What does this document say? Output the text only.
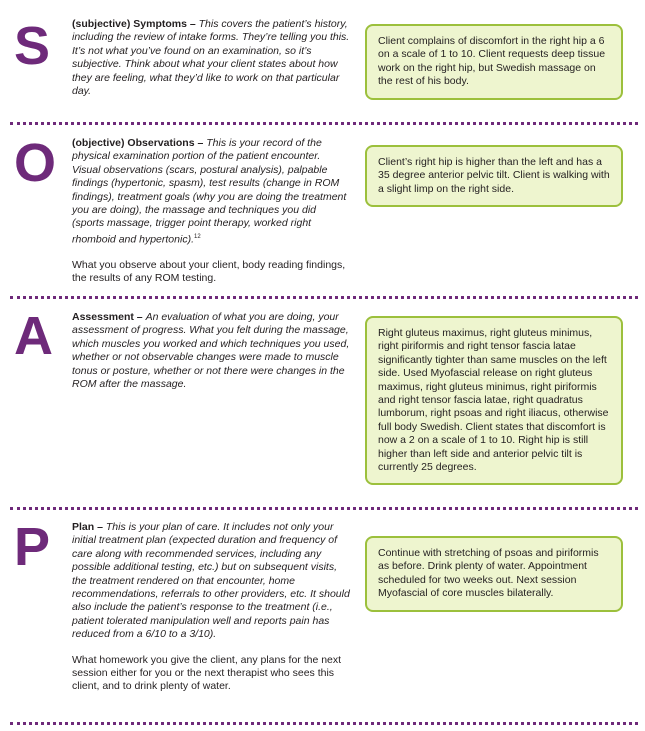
S (subjective) Symptoms – This covers the patient’s history, including the review of intake forms. They’re telling you this. It’s not what you’ve found on an examination, so it’s subjective. Think about what your client states about how they are feeling, what they’d like to work on that particular day.

Client complains of discomfort in the right hip a 6 on a scale of 1 to 10. Client requests deep tissue work on the right hip, but Swedish massage on the rest of his body.
O (objective) Observations – This is your record of the physical examination portion of the patient encounter. Visual observations (scars, postural analysis), palpable findings (hypertonic, spasm), test results (change in ROM findings), treatment goals (why you are doing the treatment you are doing), the massage and techniques you did (sports massage, trigger point therapy, worked right rhomboid and hypertonic).$^{12}$

What you observe about your client, body reading findings, the results of any ROM testing.

Client’s right hip is higher than the left and has a 35 degree anterior pelvic tilt. Client is walking with a slight limp on the right side.
A Assessment – An evaluation of what you are doing, your assessment of progress. What you felt during the massage, which muscles you worked and which techniques you used, whether or not observable changes were made to muscle tonus or posture, whether or not there were changes in the ROM after the massage.

Right gluteus maximus, right gluteus minimus, right piriformis and right tensor fascia latae significantly tighter than same muscles on the left side. Used Myofascial release on right gluteus maximus, right gluteus minimus, right piriformis and right tensor fascia latae, right quadratus lumborum, right psoas and right iliacus, otherwise full body Swedish. Client states that discomfort is now a 2 on a scale of 1 to 10. Right hip is still higher than left side and anterior pelvic tilt is currently 25 degrees.
P Plan – This is your plan of care. It includes not only your initial treatment plan (expected duration and frequency of care along with recommended services, including any possible additional testing, etc.) but on subsequent visits, the treatment rendered on that encounter, home recommendations, referrals to other providers, etc. It should also include the patient’s response to the treatment (i.e., patient tolerated manipulation well and reports pain has reduced from a 6/10 to a 3/10).

What homework you give the client, any plans for the next session either for you or the next therapist who sees this client, and to drink plenty of water.

Continue with stretching of psoas and piriformis as before. Drink plenty of water. Appointment scheduled for two weeks out. Next session Myofascial of core muscles bilaterally.
